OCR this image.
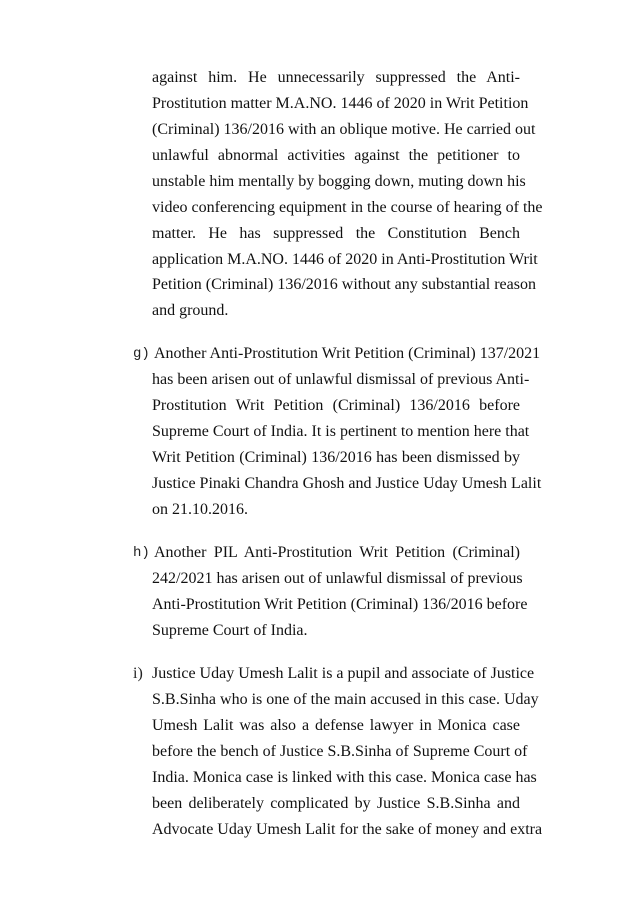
against him. He unnecessarily suppressed the Anti-
Prostitution matter M.A.NO. 1446 of 2020 in Writ Petition
(Criminal) 136/2016 with an oblique motive. He carried out
unlawful abnormal activities against the petitioner to
unstable him mentally by bogging down, muting down his
video conferencing equipment in the course of hearing of the
matter. He has suppressed the Constitution Bench
application M.A.NO. 1446 of 2020 in Anti-Prostitution Writ
Petition (Criminal) 136/2016 without any substantial reason
and ground.
g) Another Anti-Prostitution Writ Petition (Criminal) 137/2021
has been arisen out of unlawful dismissal of previous Anti-
Prostitution Writ Petition (Criminal) 136/2016 before
Supreme Court of India. It is pertinent to mention here that
Writ Petition (Criminal) 136/2016 has been dismissed by
Justice Pinaki Chandra Ghosh and Justice Uday Umesh Lalit
on 21.10.2016.
h) Another PIL Anti-Prostitution Writ Petition (Criminal)
242/2021 has arisen out of unlawful dismissal of previous
Anti-Prostitution Writ Petition (Criminal) 136/2016 before
Supreme Court of India.
i) Justice Uday Umesh Lalit is a pupil and associate of Justice
S.B.Sinha who is one of the main accused in this case. Uday
Umesh Lalit was also a defense lawyer in Monica case
before the bench of Justice S.B.Sinha of Supreme Court of
India. Monica case is linked with this case. Monica case has
been deliberately complicated by Justice S.B.Sinha and
Advocate Uday Umesh Lalit for the sake of money and extra
